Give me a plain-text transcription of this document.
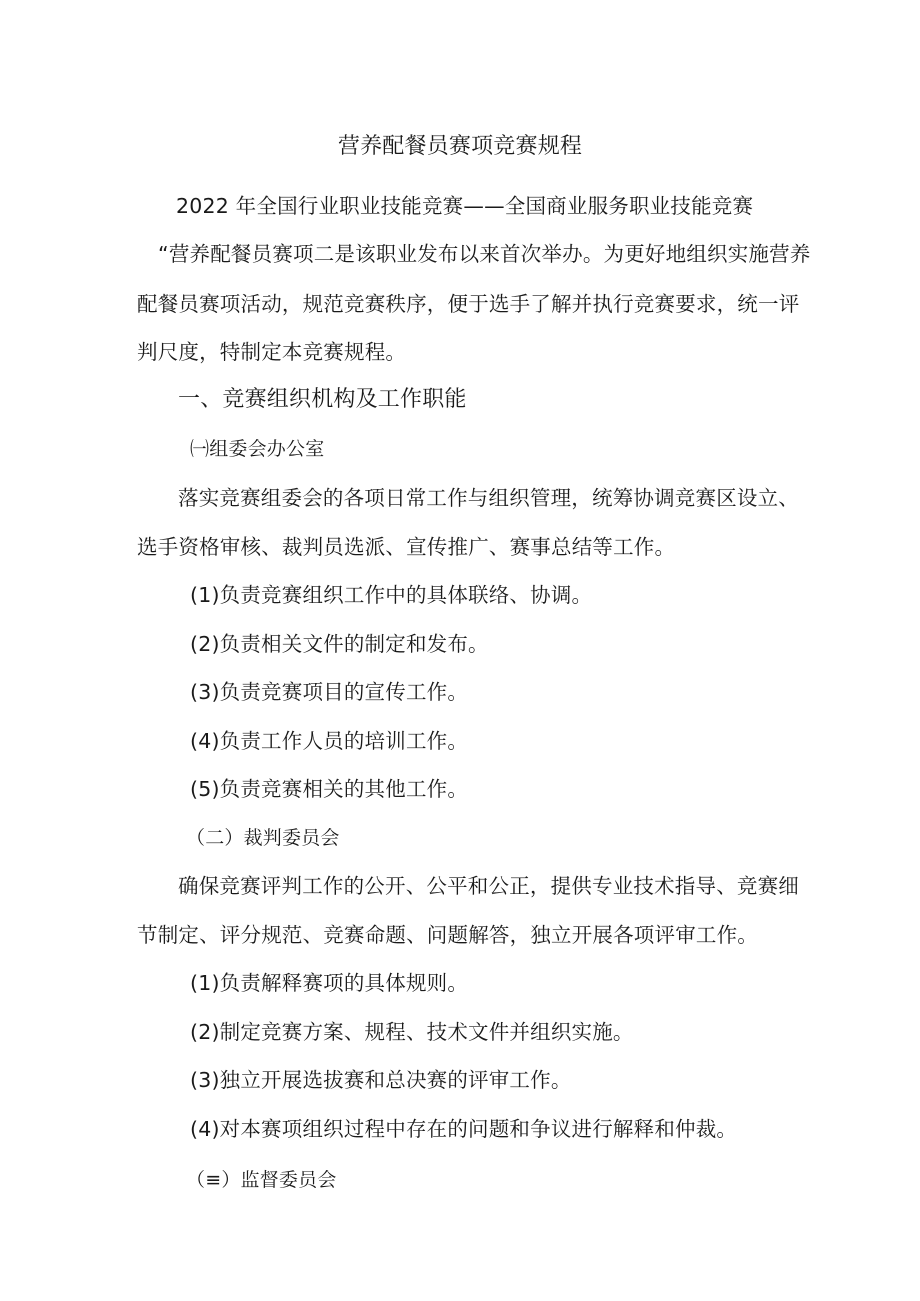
营养配餐员赛项竞赛规程
2022 年全国行业职业技能竞赛——全国商业服务职业技能竞赛
“营养配餐员赛项二是该职业发布以来首次举办。为更好地组织实施营养
配餐员赛项活动，规范竞赛秩序，便于选手了解并执行竞赛要求，统一评
判尺度，特制定本竞赛规程。
一、竞赛组织机构及工作职能
㈠组委会办公室
落实竞赛组委会的各项日常工作与组织管理，统筹协调竞赛区设立、
选手资格审核、裁判员选派、宣传推广、赛事总结等工作。
(1)负责竞赛组织工作中的具体联络、协调。
(2)负责相关文件的制定和发布。
(3)负责竞赛项目的宣传工作。
(4)负责工作人员的培训工作。
(5)负责竞赛相关的其他工作。
（二）裁判委员会
确保竞赛评判工作的公开、公平和公正，提供专业技术指导、竞赛细
节制定、评分规范、竞赛命题、问题解答，独立开展各项评审工作。
(1)负责解释赛项的具体规则。
(2)制定竞赛方案、规程、技术文件并组织实施。
(3)独立开展选拔赛和总决赛的评审工作。
(4)对本赛项组织过程中存在的问题和争议进行解释和仲裁。
（≡）监督委员会
